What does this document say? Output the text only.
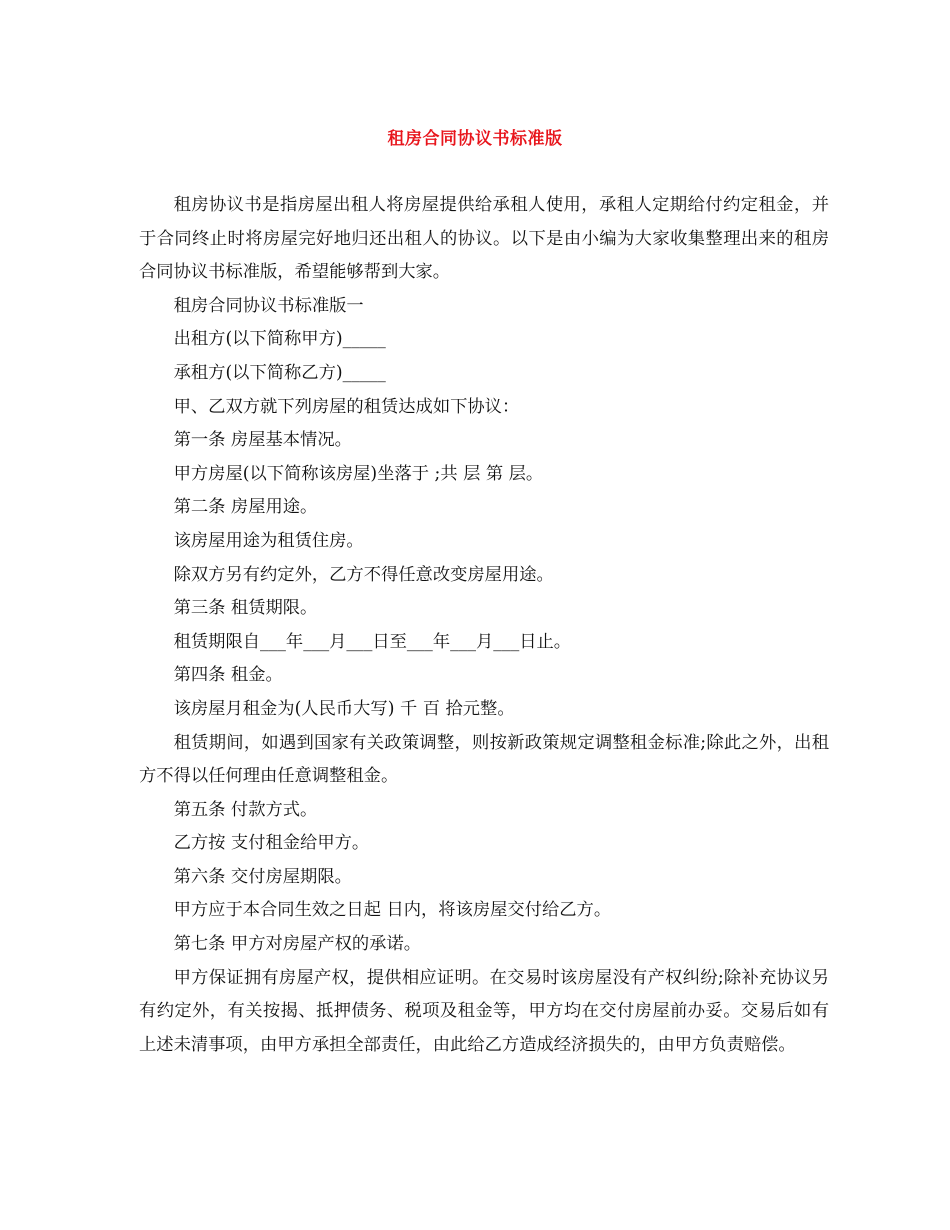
租房合同协议书标准版

租房协议书是指房屋出租人将房屋提供给承租人使用，承租人定期给付约定租金，并于合同终止时将房屋完好地归还出租人的协议。以下是由小编为大家收集整理出来的租房合同协议书标准版，希望能够帮到大家。

租房合同协议书标准版一

出租方(以下简称甲方)_____

承租方(以下简称乙方)_____

甲、乙双方就下列房屋的租赁达成如下协议：

第一条 房屋基本情况。

甲方房屋(以下简称该房屋)坐落于 ;共 层 第 层。

第二条 房屋用途。

该房屋用途为租赁住房。

除双方另有约定外，乙方不得任意改变房屋用途。

第三条 租赁期限。

租赁期限自___年___月___日至___年___月___日止。

第四条 租金。

该房屋月租金为(人民币大写) 千 百 拾元整。

租赁期间，如遇到国家有关政策调整，则按新政策规定调整租金标准;除此之外，出租方不得以任何理由任意调整租金。

第五条 付款方式。

乙方按 支付租金给甲方。

第六条 交付房屋期限。

甲方应于本合同生效之日起 日内，将该房屋交付给乙方。

第七条 甲方对房屋产权的承诺。

甲方保证拥有房屋产权，提供相应证明。在交易时该房屋没有产权纠纷;除补充协议另有约定外，有关按揭、抵押债务、税项及租金等，甲方均在交付房屋前办妥。交易后如有上述未清事项，由甲方承担全部责任，由此给乙方造成经济损失的，由甲方负责赔偿。
